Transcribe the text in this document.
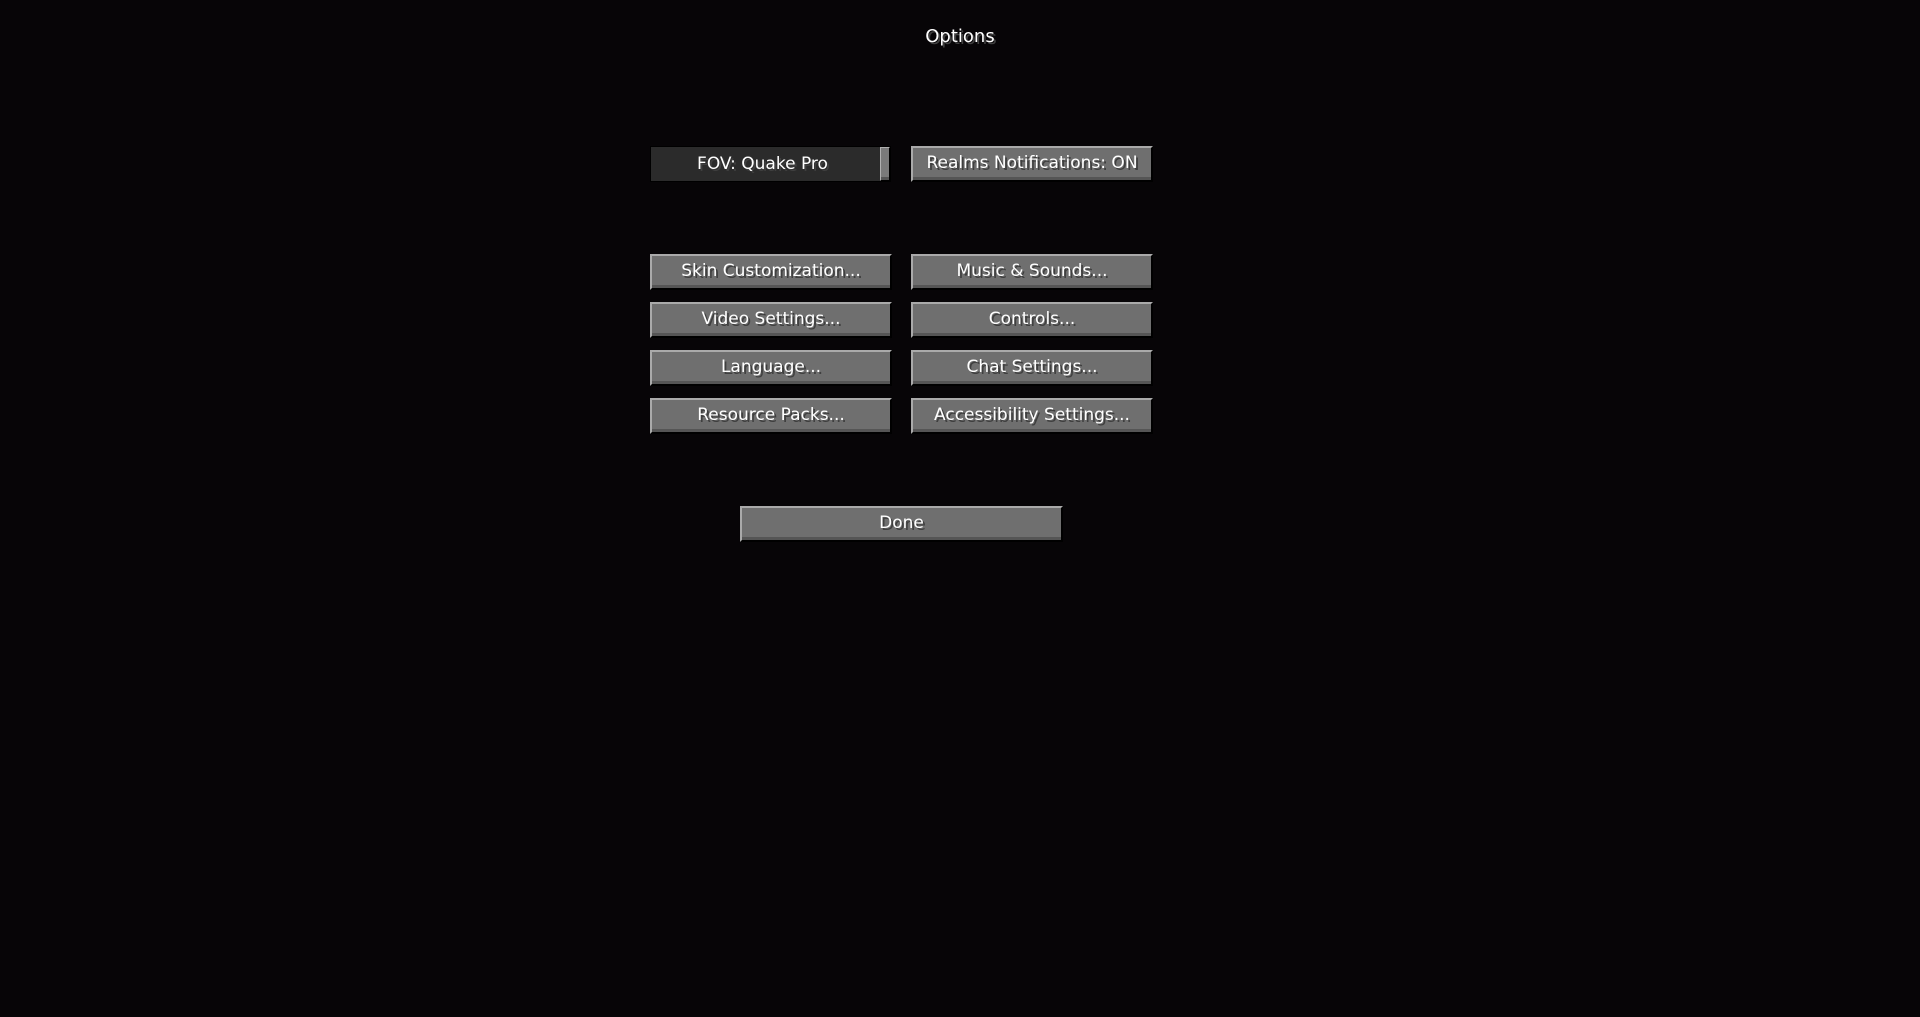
Options
FOV: Quake Pro	Realms Notifications: ON
Skin Customization...	Music & Sounds...
Video Settings...	Controls...
Language...	Chat Settings...
Resource Packs...	Accessibility Settings...
Done
